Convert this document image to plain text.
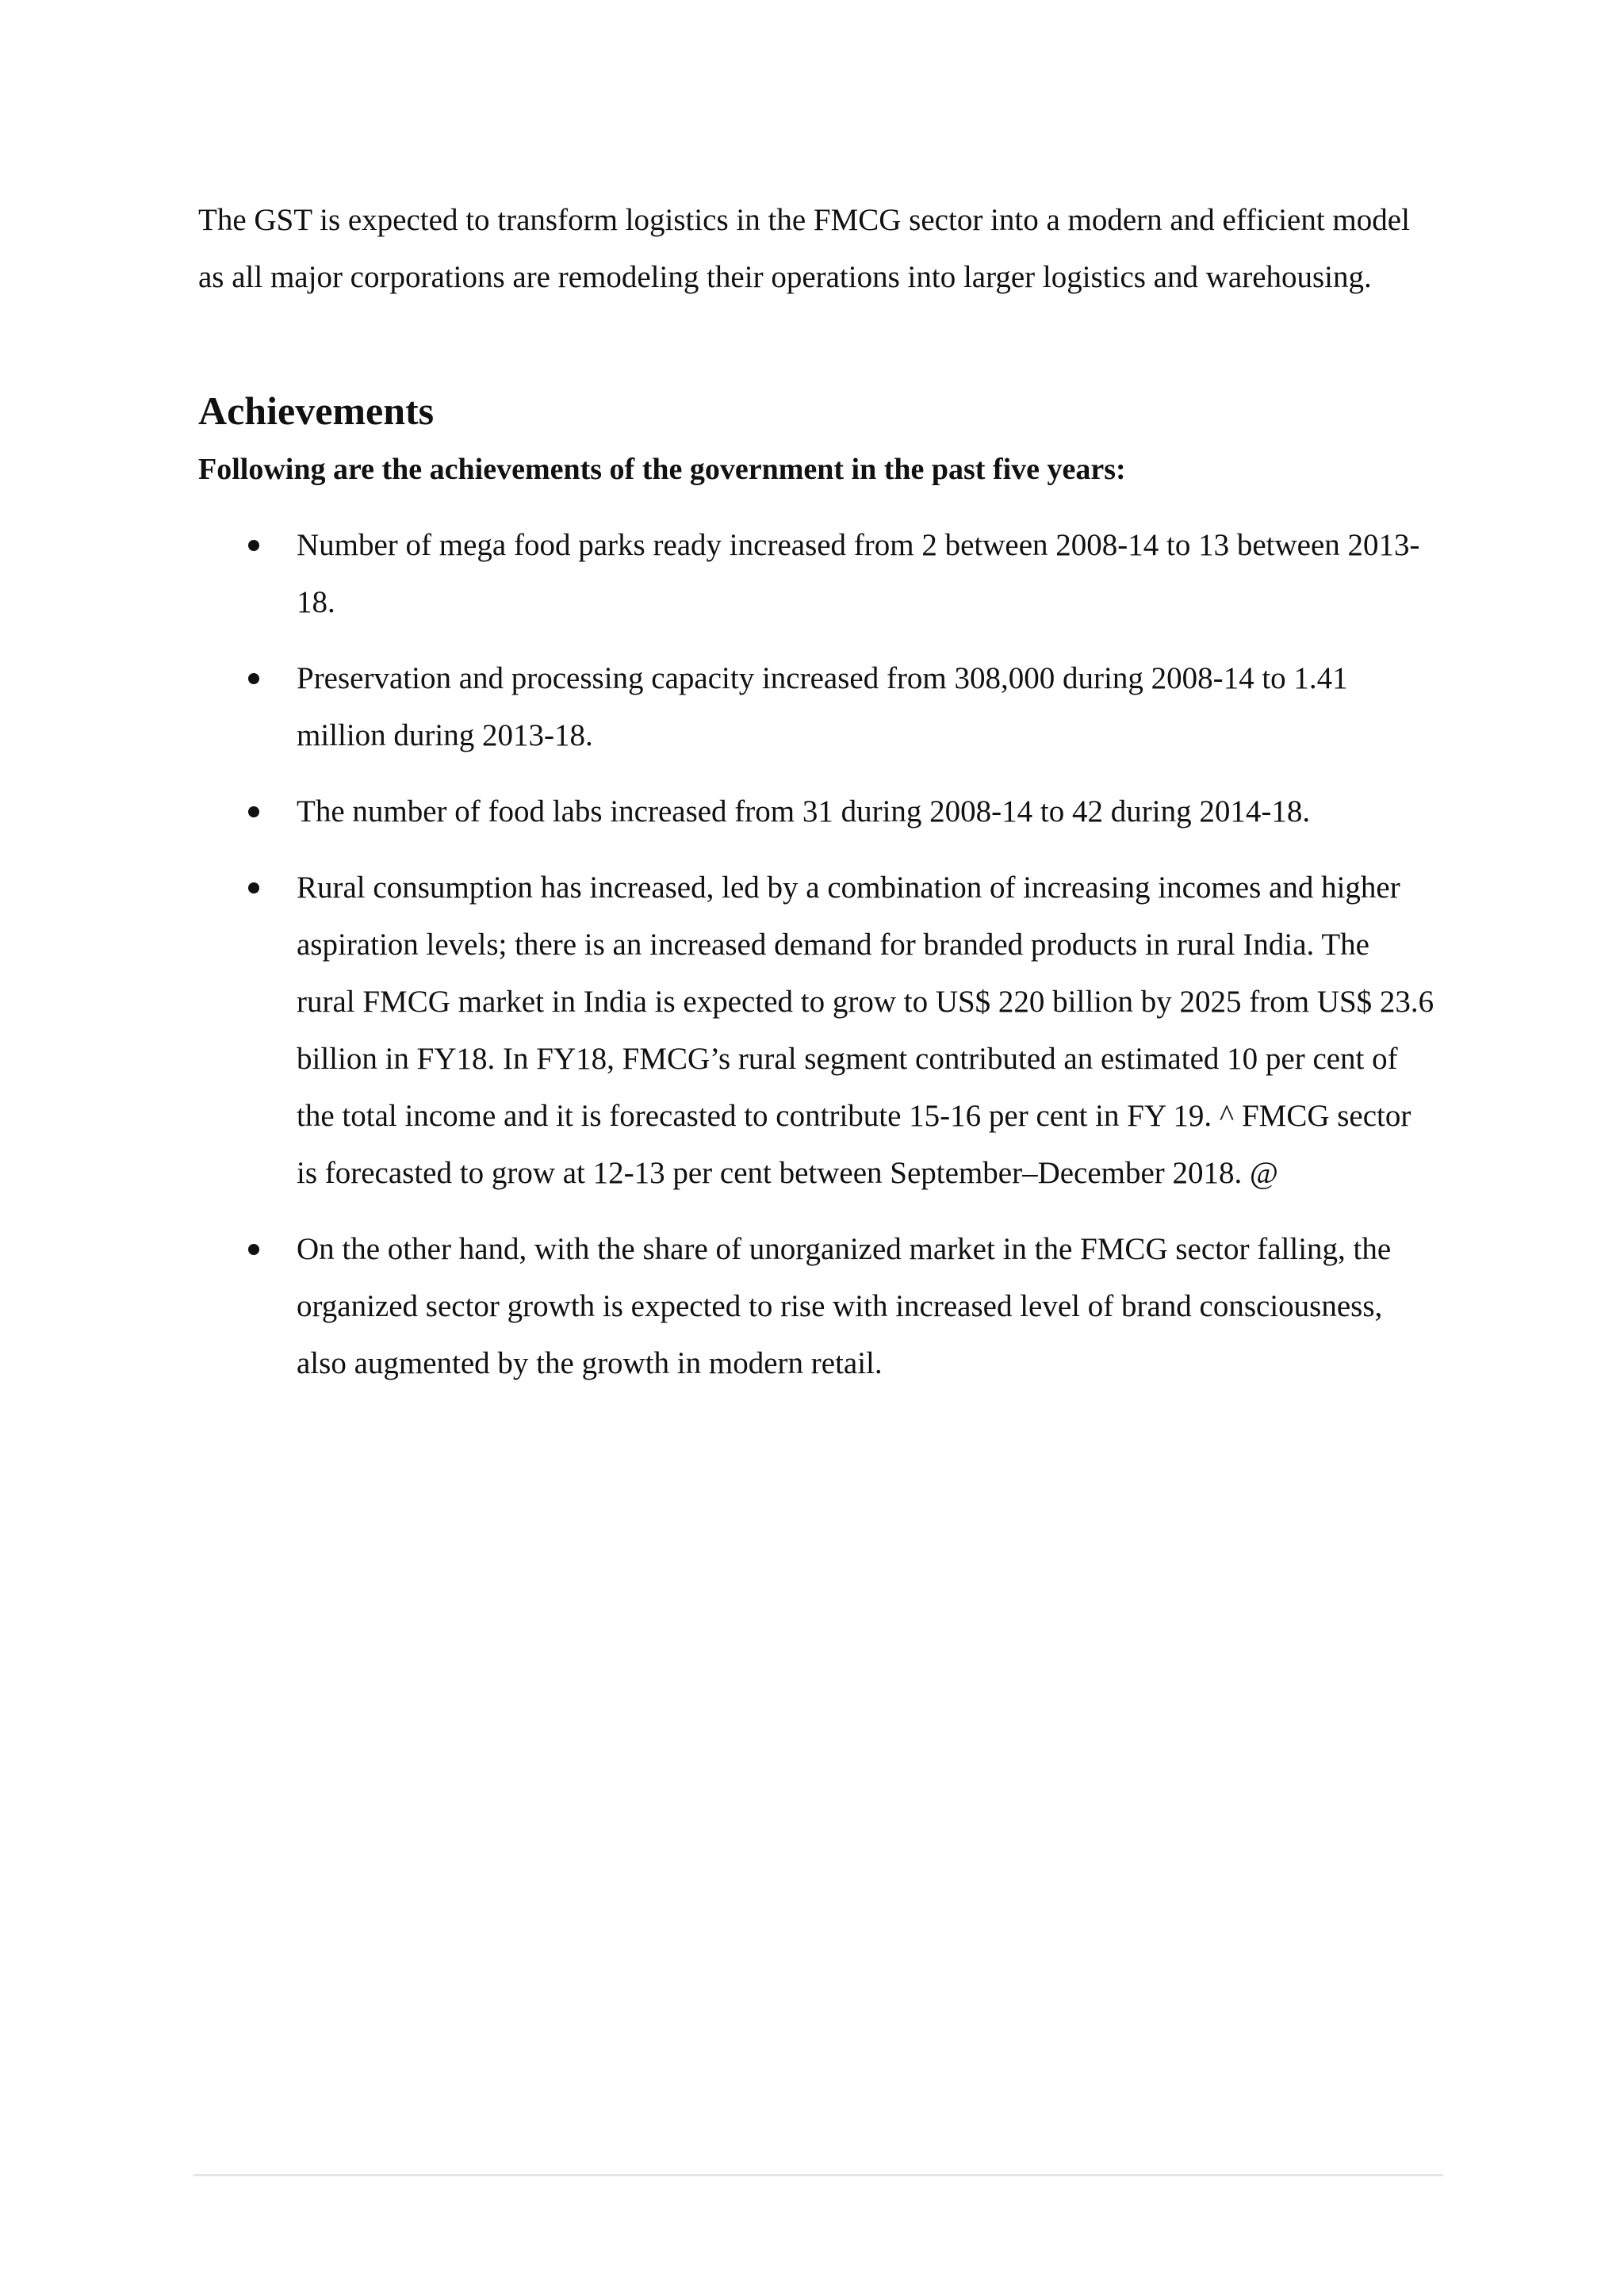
The GST is expected to transform logistics in the FMCG sector into a modern and efficient model as all major corporations are remodeling their operations into larger logistics and warehousing.

Achievements

Following are the achievements of the government in the past five years:

Number of mega food parks ready increased from 2 between 2008-14 to 13 between 2013-18.
Preservation and processing capacity increased from 308,000 during 2008-14 to 1.41 million during 2013-18.
The number of food labs increased from 31 during 2008-14 to 42 during 2014-18.
Rural consumption has increased, led by a combination of increasing incomes and higher aspiration levels; there is an increased demand for branded products in rural India. The rural FMCG market in India is expected to grow to US$ 220 billion by 2025 from US$ 23.6 billion in FY18. In FY18, FMCG’s rural segment contributed an estimated 10 per cent of the total income and it is forecasted to contribute 15-16 per cent in FY 19. ^ FMCG sector is forecasted to grow at 12-13 per cent between September–December 2018. @
On the other hand, with the share of unorganized market in the FMCG sector falling, the organized sector growth is expected to rise with increased level of brand consciousness, also augmented by the growth in modern retail.
